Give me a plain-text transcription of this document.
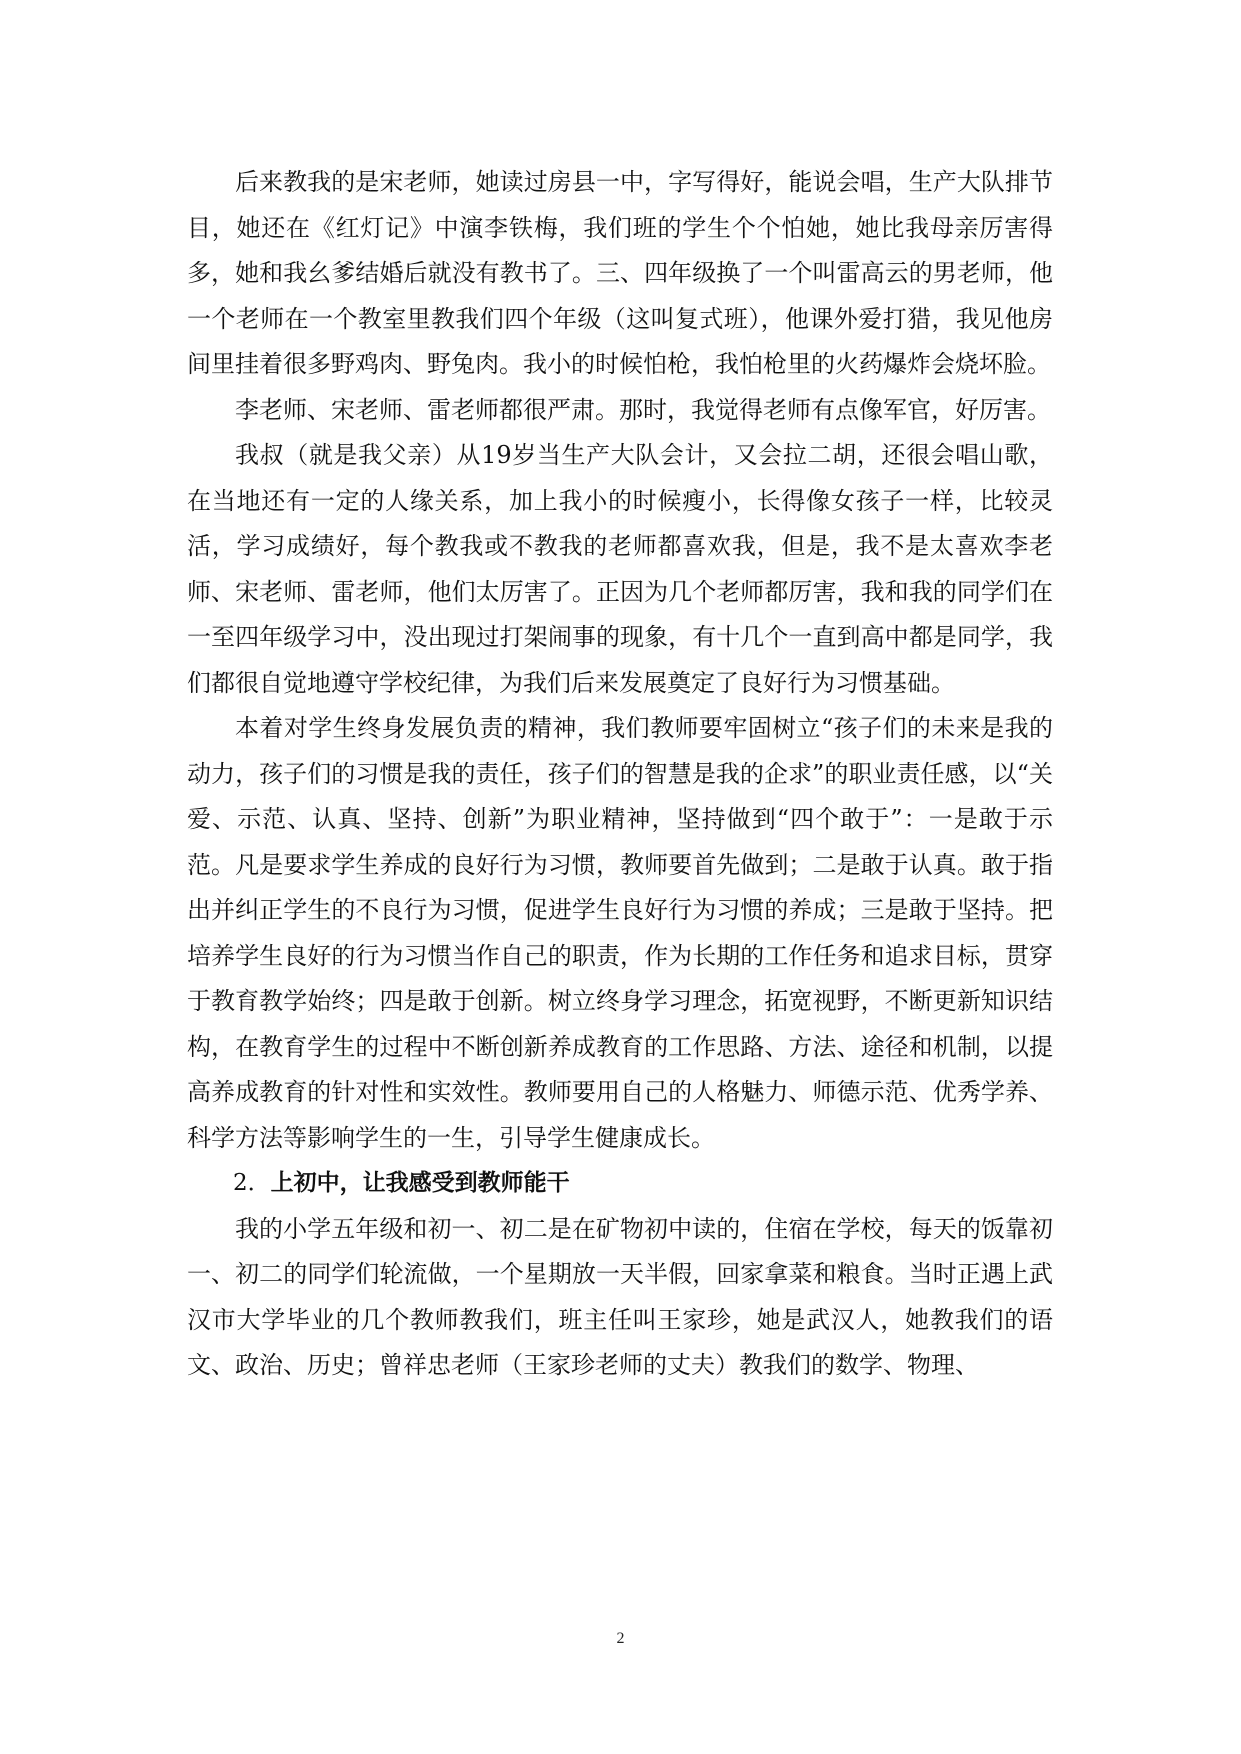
后来教我的是宋老师，她读过房县一中，字写得好，能说会唱，生产大队排节目，她还在《红灯记》中演李铁梅，我们班的学生个个怕她，她比我母亲厉害得多，她和我幺爹结婚后就没有教书了。三、四年级换了一个叫雷高云的男老师，他一个老师在一个教室里教我们四个年级（这叫复式班），他课外爱打猎，我见他房间里挂着很多野鸡肉、野兔肉。我小的时候怕枪，我怕枪里的火药爆炸会烧坏脸。

李老师、宋老师、雷老师都很严肃。那时，我觉得老师有点像军官，好厉害。

我叔（就是我父亲）从19岁当生产大队会计，又会拉二胡，还很会唱山歌，在当地还有一定的人缘关系，加上我小的时候瘦小，长得像女孩子一样，比较灵活，学习成绩好，每个教我或不教我的老师都喜欢我，但是，我不是太喜欢李老师、宋老师、雷老师，他们太厉害了。正因为几个老师都厉害，我和我的同学们在一至四年级学习中，没出现过打架闹事的现象，有十几个一直到高中都是同学，我们都很自觉地遵守学校纪律，为我们后来发展奠定了良好行为习惯基础。

本着对学生终身发展负责的精神，我们教师要牢固树立“孩子们的未来是我的动力，孩子们的习惯是我的责任，孩子们的智慧是我的企求”的职业责任感，以“关爱、示范、认真、坚持、创新”为职业精神，坚持做到“四个敢于”：一是敢于示范。凡是要求学生养成的良好行为习惯，教师要首先做到；二是敢于认真。敢于指出并纠正学生的不良行为习惯，促进学生良好行为习惯的养成；三是敢于坚持。把培养学生良好的行为习惯当作自己的职责，作为长期的工作任务和追求目标，贯穿于教育教学始终；四是敢于创新。树立终身学习理念，拓宽视野，不断更新知识结构，在教育学生的过程中不断创新养成教育的工作思路、方法、途径和机制，以提高养成教育的针对性和实效性。教师要用自己的人格魅力、师德示范、优秀学养、科学方法等影响学生的一生，引导学生健康成长。

2．上初中，让我感受到教师能干

我的小学五年级和初一、初二是在矿物初中读的，住宿在学校，每天的饭靠初一、初二的同学们轮流做，一个星期放一天半假，回家拿菜和粮食。当时正遇上武汉市大学毕业的几个教师教我们，班主任叫王家珍，她是武汉人，她教我们的语文、政治、历史；曾祥忠老师（王家珍老师的丈夫）教我们的数学、物理、

2
